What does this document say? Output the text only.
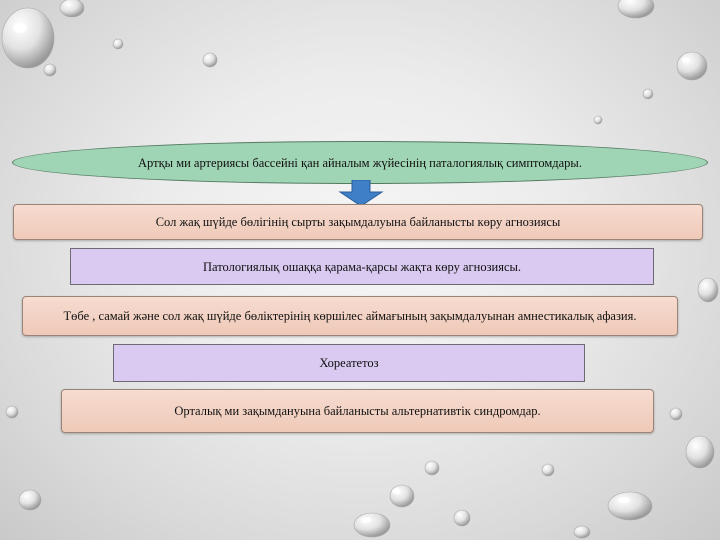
Артқы ми артериясы бассейні қан айналым жүйесінің паталогиялық симптомдары.
Сол жақ шүйде бөлігінің сырты зақымдалуына байланысты көру агнозиясы
Патологиялық ошаққа қарама-қарсы жақта көру агнозиясы.
Төбе , самай және сол жақ шүйде бөліктерінің көршілес аймағының зақымдалуынан амнестикалық афазия.
Хореатетоз
Орталық ми зақымдануына байланысты альтернативтік синдромдар.
